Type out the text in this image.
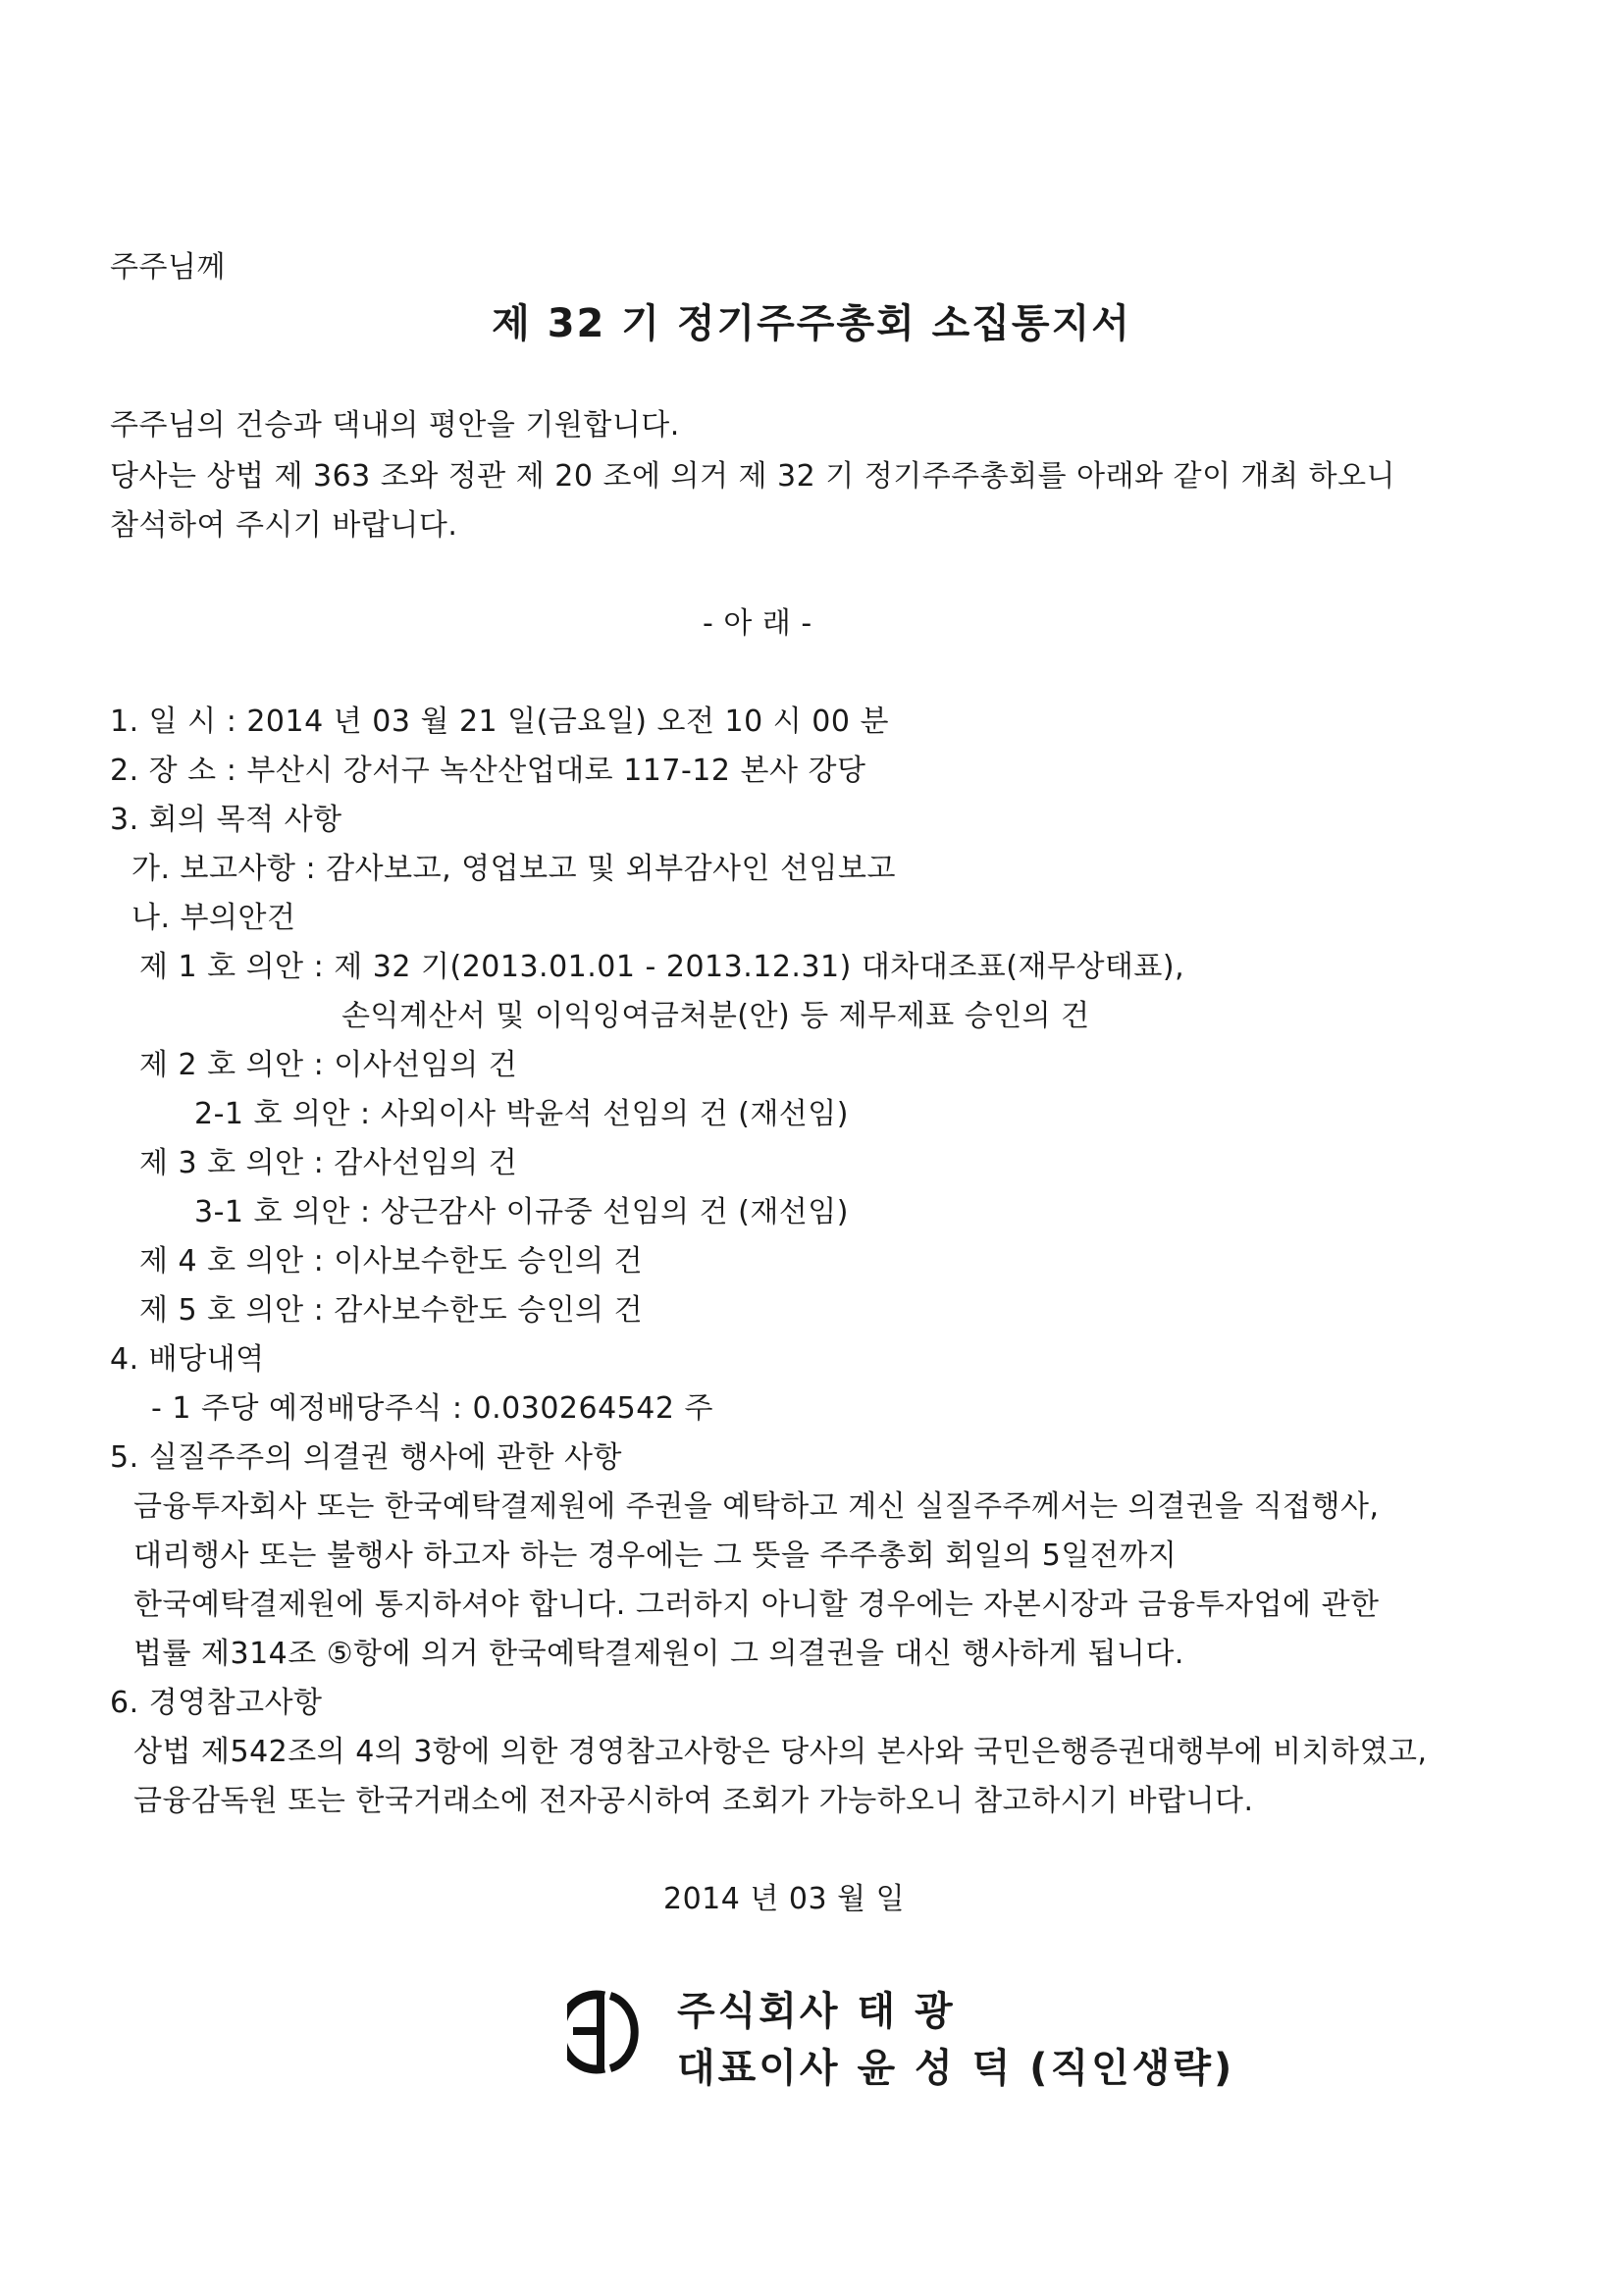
주주님께
제 32 기 정기주주총회 소집통지서
주주님의 건승과 댁내의 평안을 기원합니다.
당사는 상법 제 363 조와 정관 제 20 조에 의거 제 32 기 정기주주총회를 아래와 같이 개최 하오니
참석하여 주시기 바랍니다.
- 아 래 -
1. 일 시 : 2014 년 03 월 21 일(금요일) 오전 10 시 00 분
2. 장 소 : 부산시 강서구 녹산산업대로 117-12 본사 강당
3. 회의 목적 사항
가. 보고사항 : 감사보고, 영업보고 및 외부감사인 선임보고
나. 부의안건
제 1 호 의안 : 제 32 기(2013.01.01 - 2013.12.31) 대차대조표(재무상태표),
손익계산서 및 이익잉여금처분(안) 등 제무제표 승인의 건
제 2 호 의안 : 이사선임의 건
2-1 호 의안 : 사외이사 박윤석 선임의 건 (재선임)
제 3 호 의안 : 감사선임의 건
3-1 호 의안 : 상근감사 이규중 선임의 건 (재선임)
제 4 호 의안 : 이사보수한도 승인의 건
제 5 호 의안 : 감사보수한도 승인의 건
4. 배당내역
- 1 주당 예정배당주식 : 0.030264542 주
5. 실질주주의 의결권 행사에 관한 사항
금융투자회사 또는 한국예탁결제원에 주권을 예탁하고 계신 실질주주께서는 의결권을 직접행사,
대리행사 또는 불행사 하고자 하는 경우에는 그 뜻을 주주총회 회일의 5일전까지
한국예탁결제원에 통지하셔야 합니다. 그러하지 아니할 경우에는 자본시장과 금융투자업에 관한
법률 제314조 ⑤항에 의거 한국예탁결제원이 그 의결권을 대신 행사하게 됩니다.
6. 경영참고사항
상법 제542조의 4의 3항에 의한 경영참고사항은 당사의 본사와 국민은행증권대행부에 비치하였고,
금융감독원 또는 한국거래소에 전자공시하여 조회가 가능하오니 참고하시기 바랍니다.
2014 년 03 월 일
주식회사 태 광
대표이사 윤 성 덕 (직인생략)
